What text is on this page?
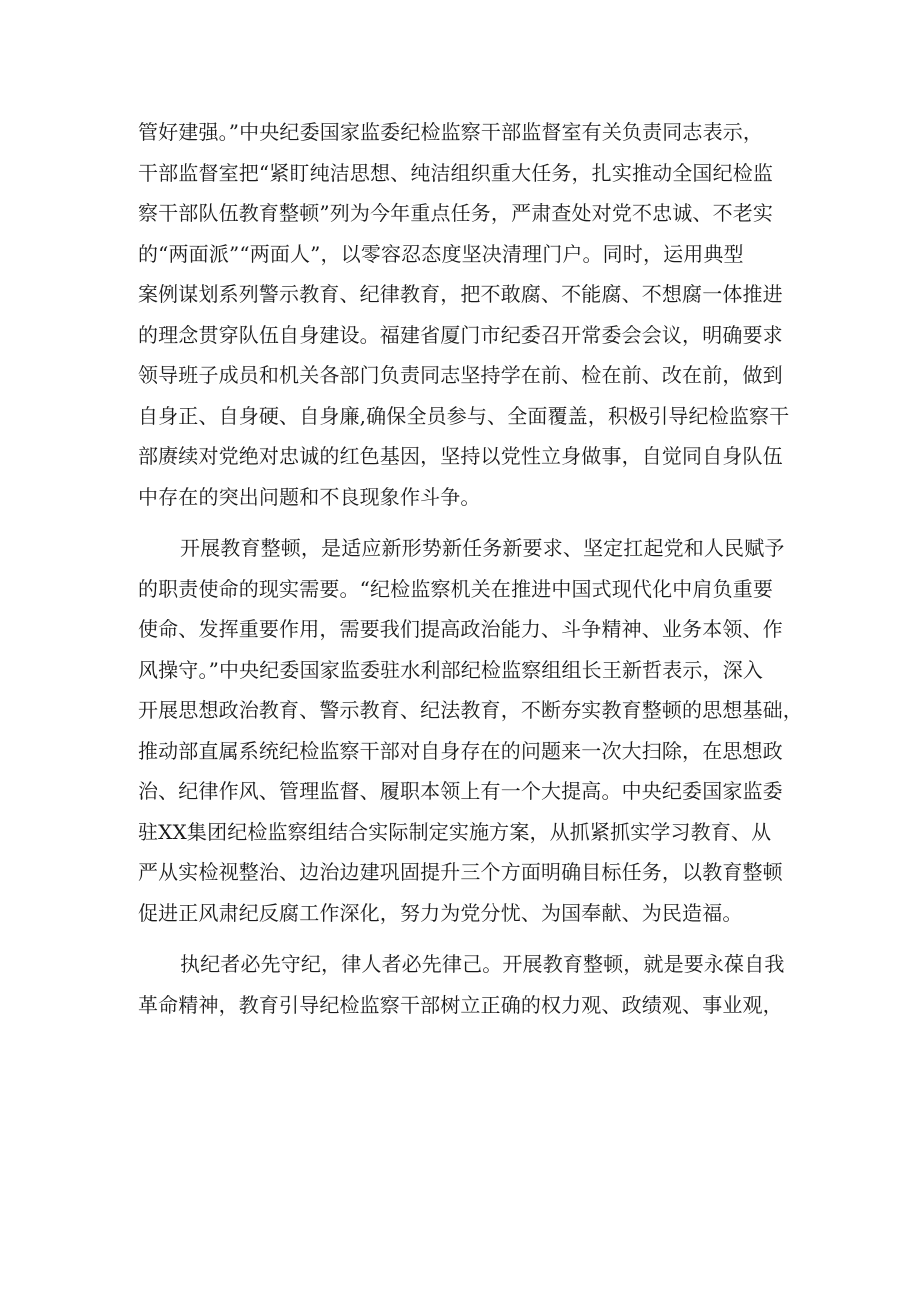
管好建强。”中央纪委国家监委纪检监察干部监督室有关负责同志表示，
干部监督室把“紧盯纯洁思想、纯洁组织重大任务，扎实推动全国纪检监
察干部队伍教育整顿”列为今年重点任务，严肃查处对党不忠诚、不老实
的“两面派”“两面人”，以零容忍态度坚决清理门户。同时，运用典型
案例谋划系列警示教育、纪律教育，把不敢腐、不能腐、不想腐一体推进
的理念贯穿队伍自身建设。福建省厦门市纪委召开常委会会议，明确要求
领导班子成员和机关各部门负责同志坚持学在前、检在前、改在前，做到
自身正、自身硬、自身廉,确保全员参与、全面覆盖，积极引导纪检监察干
部赓续对党绝对忠诚的红色基因，坚持以党性立身做事，自觉同自身队伍
中存在的突出问题和不良现象作斗争。
开展教育整顿，是适应新形势新任务新要求、坚定扛起党和人民赋予
的职责使命的现实需要。“纪检监察机关在推进中国式现代化中肩负重要
使命、发挥重要作用，需要我们提高政治能力、斗争精神、业务本领、作
风操守。”中央纪委国家监委驻水利部纪检监察组组长王新哲表示，深入
开展思想政治教育、警示教育、纪法教育，不断夯实教育整顿的思想基础，
推动部直属系统纪检监察干部对自身存在的问题来一次大扫除，在思想政
治、纪律作风、管理监督、履职本领上有一个大提高。中央纪委国家监委
驻XX集团纪检监察组结合实际制定实施方案，从抓紧抓实学习教育、从
严从实检视整治、边治边建巩固提升三个方面明确目标任务，以教育整顿
促进正风肃纪反腐工作深化，努力为党分忧、为国奉献、为民造福。
执纪者必先守纪，律人者必先律己。开展教育整顿，就是要永葆自我
革命精神，教育引导纪检监察干部树立正确的权力观、政绩观、事业观，
